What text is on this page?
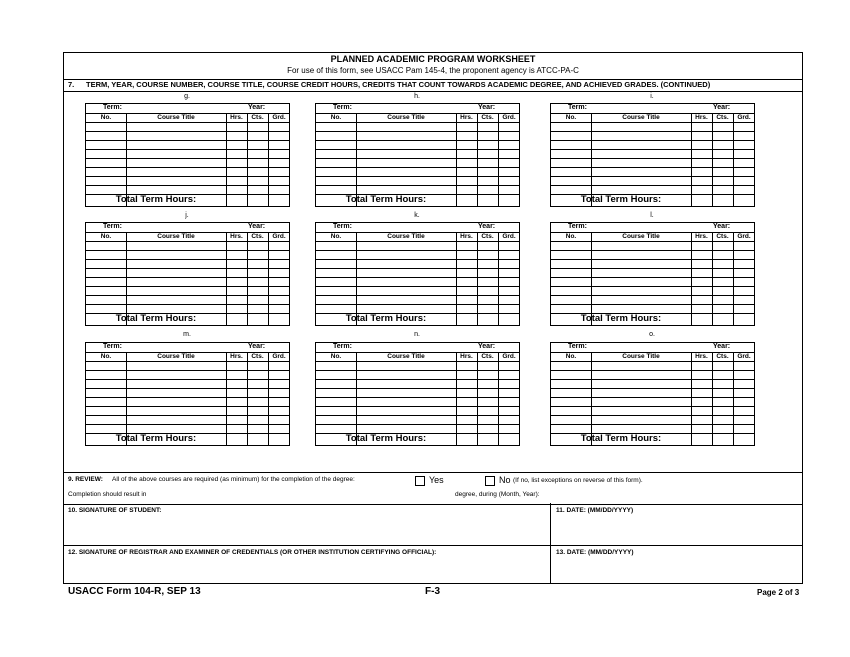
PLANNED ACADEMIC PROGRAM WORKSHEET
For use of this form, see USACC Pam 145-4, the proponent agency is ATCC-PA-C
7. TERM, YEAR, COURSE NUMBER, COURSE TITLE, COURSE CREDIT HOURS, CREDITS THAT COUNT TOWARDS ACADEMIC DEGREE, AND ACHIEVED GRADES. (CONTINUED)
g.
Term:	Year:
No.	Course Title	Hrs.	Cts.	Grd.
Total Term Hours:
h.
Term:	Year:
No.	Course Title	Hrs.	Cts.	Grd.
Total Term Hours:
i.
Term:	Year:
No.	Course Title	Hrs.	Cts.	Grd.
Total Term Hours:
j.
Term:	Year:
No.	Course Title	Hrs.	Cts.	Grd.
Total Term Hours:
k.
Term:	Year:
No.	Course Title	Hrs.	Cts.	Grd.
Total Term Hours:
l.
Term:	Year:
No.	Course Title	Hrs.	Cts.	Grd.
Total Term Hours:
m.
Term:	Year:
No.	Course Title	Hrs.	Cts.	Grd.
Total Term Hours:
n.
Term:	Year:
No.	Course Title	Hrs.	Cts.	Grd.
Total Term Hours:
o.
Term:	Year:
No.	Course Title	Hrs.	Cts.	Grd.
Total Term Hours:
9. REVIEW: All of the above courses are required (as minimum) for the completion of the degree:	Yes	No (If no, list exceptions on reverse of this form).
Completion should result in	degree, during (Month, Year):
10. SIGNATURE OF STUDENT:	11. DATE: (MM/DD/YYYY)
12. SIGNATURE OF REGISTRAR AND EXAMINER OF CREDENTIALS (OR OTHER INSTITUTION CERTIFYING OFFICIAL):	13. DATE: (MM/DD/YYYY)
USACC Form 104-R, SEP 13	F-3	Page 2 of 3
